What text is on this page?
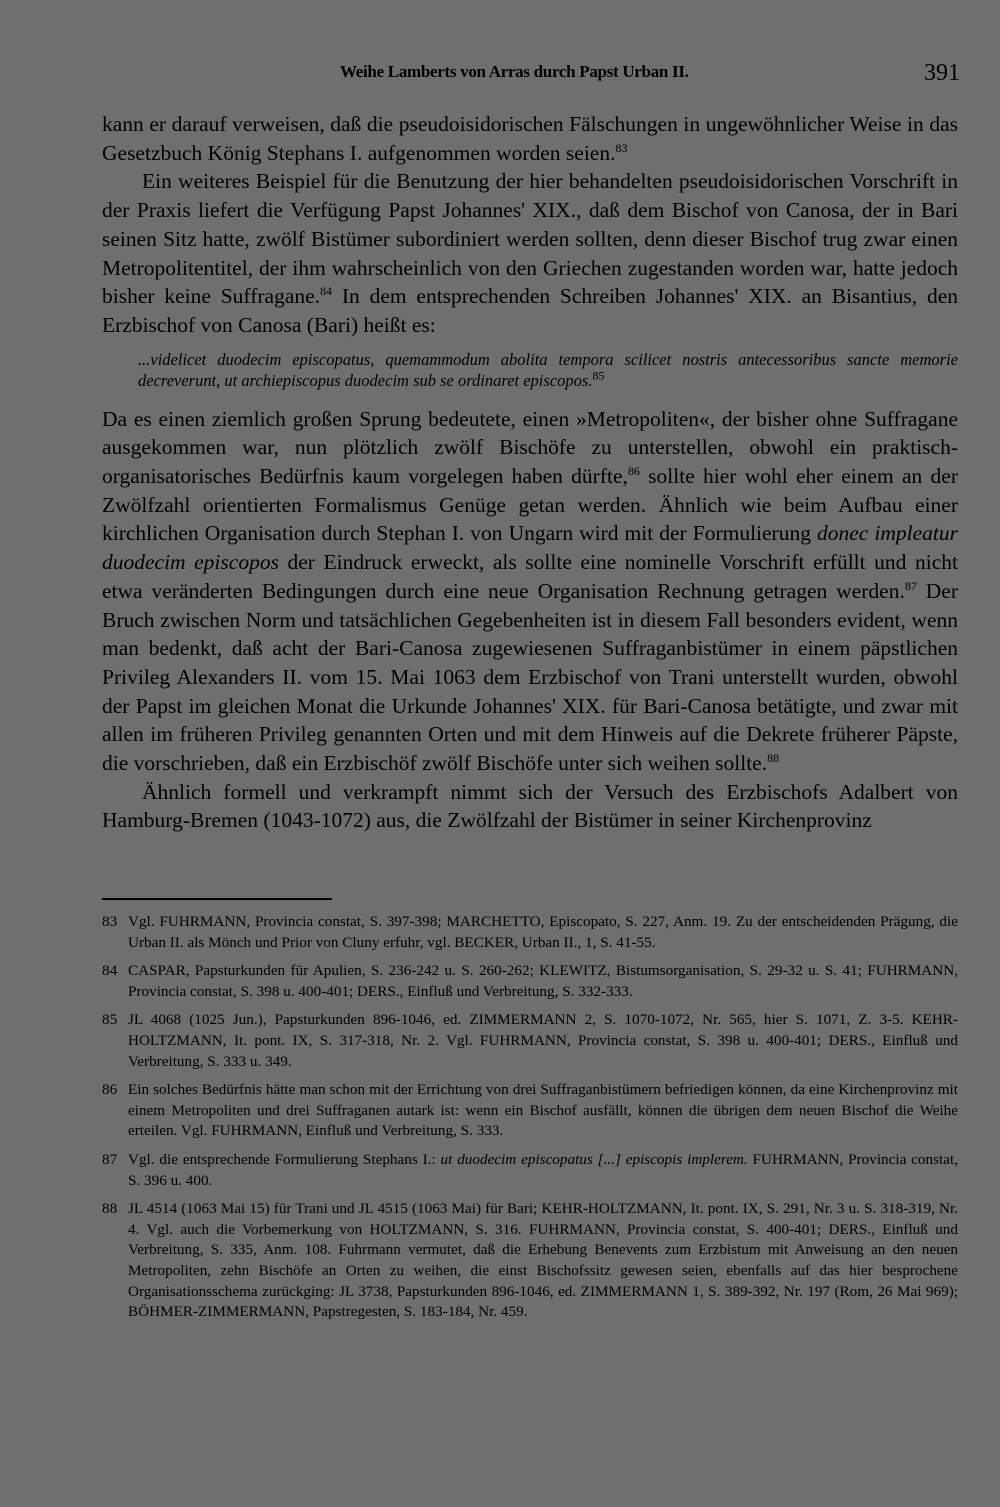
Weihe Lamberts von Arras durch Papst Urban II.	391

kann er darauf verweisen, daß die pseudoisidorischen Fälschungen in ungewöhnlicher Weise in das Gesetzbuch König Stephans I. aufgenommen worden seien.$^{83}$

Ein weiteres Beispiel für die Benutzung der hier behandelten pseudoisidorischen Vorschrift in der Praxis liefert die Verfügung Papst Johannes' XIX., daß dem Bischof von Canosa, der in Bari seinen Sitz hatte, zwölf Bistümer subordiniert werden sollten, denn dieser Bischof trug zwar einen Metropolitentitel, der ihm wahrscheinlich von den Griechen zugestanden worden war, hatte jedoch bisher keine Suffragane.$^{84}$ In dem entsprechenden Schreiben Johannes' XIX. an Bisantius, den Erzbischof von Canosa (Bari) heißt es:

...videlicet duodecim episcopatus, quemammodum abolita tempora scilicet nostris antecessoribus sancte memorie decreverunt, ut archiepiscopus duodecim sub se ordinaret episcopos.$^{85}$

Da es einen ziemlich großen Sprung bedeutete, einen »Metropoliten«, der bisher ohne Suffragane ausgekommen war, nun plötzlich zwölf Bischöfe zu unterstellen, obwohl ein praktisch-organisatorisches Bedürfnis kaum vorgelegen haben dürfte,$^{86}$ sollte hier wohl eher einem an der Zwölfzahl orientierten Formalismus Genüge getan werden. Ähnlich wie beim Aufbau einer kirchlichen Organisation durch Stephan I. von Ungarn wird mit der Formulierung donec impleatur duodecim episcopos der Eindruck erweckt, als sollte eine nominelle Vorschrift erfüllt und nicht etwa veränderten Bedingungen durch eine neue Organisation Rechnung getragen werden.$^{87}$ Der Bruch zwischen Norm und tatsächlichen Gegebenheiten ist in diesem Fall besonders evident, wenn man bedenkt, daß acht der Bari-Canosa zugewiesenen Suffraganbistümer in einem päpstlichen Privileg Alexanders II. vom 15. Mai 1063 dem Erzbischof von Trani unterstellt wurden, obwohl der Papst im gleichen Monat die Urkunde Johannes' XIX. für Bari-Canosa betätigte, und zwar mit allen im früheren Privileg genannten Orten und mit dem Hinweis auf die Dekrete früherer Päpste, die vorschrieben, daß ein Erzbischöf zwölf Bischöfe unter sich weihen sollte.$^{88}$

Ähnlich formell und verkrampft nimmt sich der Versuch des Erzbischofs Adalbert von Hamburg-Bremen (1043-1072) aus, die Zwölfzahl der Bistümer in seiner Kirchenprovinz

83 Vgl. FUHRMANN, Provincia constat, S. 397-398; MARCHETTO, Episcopato, S. 227, Anm. 19. Zu der entscheidenden Prägung, die Urban II. als Mönch und Prior von Cluny erfuhr, vgl. BECKER, Urban II., 1, S. 41-55.
84 CASPAR, Papsturkunden für Apulien, S. 236-242 u. S. 260-262; KLEWITZ, Bistumsorganisation, S. 29-32 u. S. 41; FUHRMANN, Provincia constat, S. 398 u. 400-401; DERS., Einfluß und Verbreitung, S. 332-333.
85 JL 4068 (1025 Jun.), Papsturkunden 896-1046, ed. ZIMMERMANN 2, S. 1070-1072, Nr. 565, hier S. 1071, Z. 3-5. KEHR-HOLTZMANN, It. pont. IX, S. 317-318, Nr. 2. Vgl. FUHRMANN, Provincia constat, S. 398 u. 400-401; DERS., Einfluß und Verbreitung, S. 333 u. 349.
86 Ein solches Bedürfnis hätte man schon mit der Errichtung von drei Suffraganbistümern befriedigen können, da eine Kirchenprovinz mit einem Metropoliten und drei Suffraganen autark ist: wenn ein Bischof ausfällt, können die übrigen dem neuen Bischof die Weihe erteilen. Vgl. FUHRMANN, Einfluß und Verbreitung, S. 333.
87 Vgl. die entsprechende Formulierung Stephans I.: ut duodecim episcopatus [...] episcopis implerem. FUHRMANN, Provincia constat, S. 396 u. 400.
88 JL 4514 (1063 Mai 15) für Trani und JL 4515 (1063 Mai) für Bari; KEHR-HOLTZMANN, It. pont. IX, S. 291, Nr. 3 u. S. 318-319, Nr. 4. Vgl. auch die Vorbemerkung von HOLTZMANN, S. 316. FUHRMANN, Provincia constat, S. 400-401; DERS., Einfluß und Verbreitung, S. 335, Anm. 108. Fuhrmann vermutet, daß die Erhebung Benevents zum Erzbistum mit Anweisung an den neuen Metropoliten, zehn Bischöfe an Orten zu weihen, die einst Bischofssitz gewesen seien, ebenfalls auf das hier besprochene Organisationsschema zurückging: JL 3738, Papsturkunden 896-1046, ed. ZIMMERMANN 1, S. 389-392, Nr. 197 (Rom, 26 Mai 969); BÖHMER-ZIMMERMANN, Papstregesten, S. 183-184, Nr. 459.
